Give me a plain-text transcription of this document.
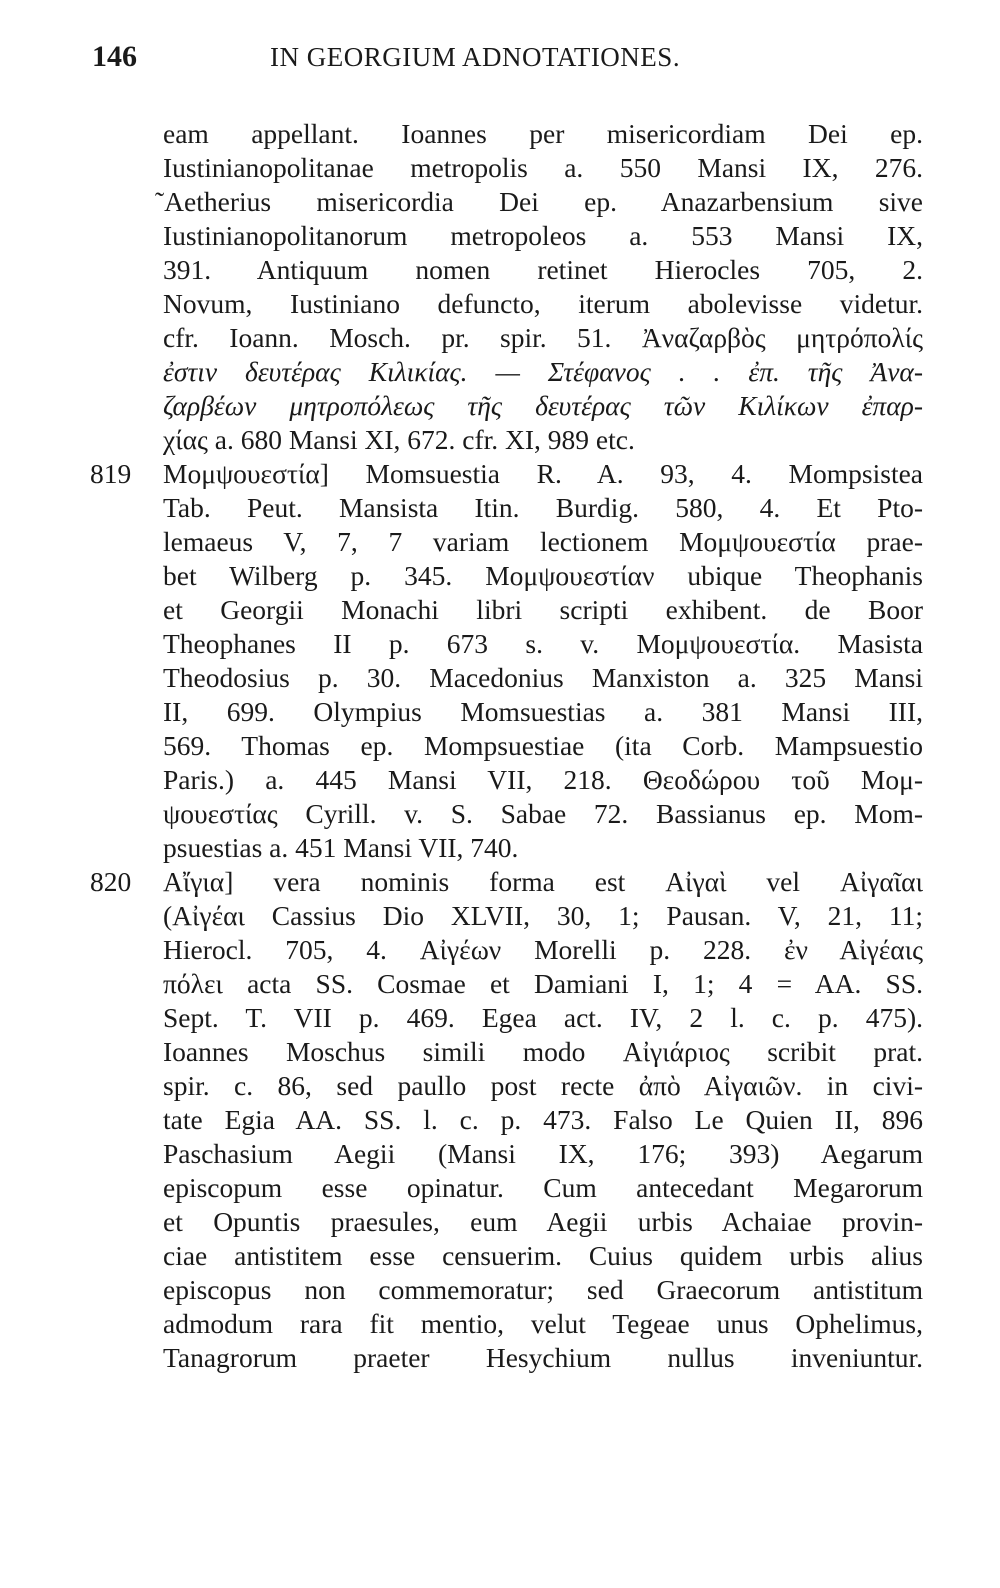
146	IN GEORGIUM ADNOTATIONES.
eam appellant. Ioannes per misericordiam Dei ep.
Iustinianopolitanae metropolis a. 550 Mansi IX, 276.
˜Aetherius misericordia Dei ep. Anazarbensium sive
Iustinianopolitanorum metropoleos a. 553 Mansi IX,
391. Antiquum nomen retinet Hierocles 705, 2.
Novum, Iustiniano defuncto, iterum abolevisse videtur.
cfr. Ioann. Mosch. pr. spir. 51. Ἀναζαρβὸς μητρόπολίς
ἐστιν δευτέρας Κιλικίας. — Στέφανος . . ἐπ. τῆς Ἀνα-
ζαρβέων μητροπόλεως τῆς δευτέρας τῶν Κιλίκων ἐπαρ-
χίας a. 680 Mansi XI, 672. cfr. XI, 989 etc.
819	Μομψουεστία] Momsuestia R. A. 93, 4. Mompsistea
Tab. Peut. Mansista Itin. Burdig. 580, 4. Et Pto-
lemaeus V, 7, 7 variam lectionem Μομψουεστία prae-
bet Wilberg p. 345. Μομψουεστίαν ubique Theophanis
et Georgii Monachi libri scripti exhibent. de Boor
Theophanes II p. 673 s. v. Μομψουεστία. Masista
Theodosius p. 30. Macedonius Manxiston a. 325 Mansi
II, 699. Olympius Momsuestias a. 381 Mansi III,
569. Thomas ep. Mompsuestiae (ita Corb. Mampsuestio
Paris.) a. 445 Mansi VII, 218. Θεοδώρου τοῦ Μομ-
ψουεστίας Cyrill. v. S. Sabae 72. Bassianus ep. Mom-
psuestias a. 451 Mansi VII, 740.
820	Αἴγια] vera nominis forma est Αἰγαὶ vel Αἰγαῖαι
(Αἰγέαι Cassius Dio XLVII, 30, 1; Pausan. V, 21, 11;
Hierocl. 705, 4. Αἰγέων Morelli p. 228. ἐν Αἰγέαις
πόλει acta SS. Cosmae et Damiani I, 1; 4 = AA. SS.
Sept. T. VII p. 469. Egea act. IV, 2 l. c. p. 475).
Ioannes Moschus simili modo Αἰγιάριος scribit prat.
spir. c. 86, sed paullo post recte ἀπὸ Αἰγαιῶν. in civi-
tate Egia AA. SS. l. c. p. 473. Falso Le Quien II, 896
Paschasium Aegii (Mansi IX, 176; 393) Aegarum
episcopum esse opinatur. Cum antecedant Megarorum
et Opuntis praesules, eum Aegii urbis Achaiae provin-
ciae antistitem esse censuerim. Cuius quidem urbis alius
episcopus non commemoratur; sed Graecorum antistitum
admodum rara fit mentio, velut Tegeae unus Ophelimus,
Tanagrorum praeter Hesychium nullus inveniuntur.
